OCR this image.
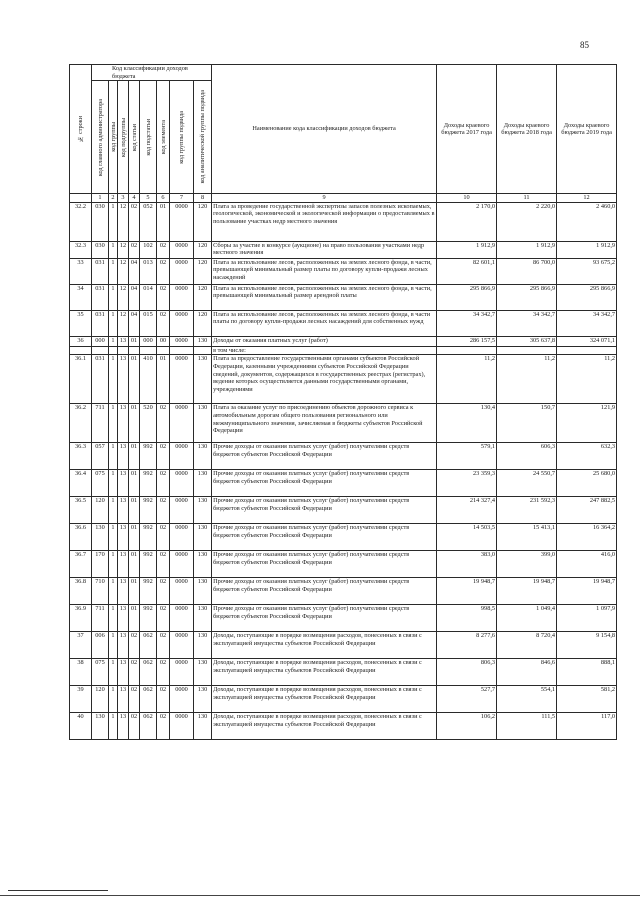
85
№ строки	Код классификации доходов бюджета								Наименование кода классификации доходов бюджета	Доходы краевого бюджета 2017 года	Доходы краевого бюджета 2018 года	Доходы краевого бюджета 2019 года

	код главного администратора	код группы	код подгруппы	код статьи	код подстатьи	код элемента	код группы подвида	код аналитической группы подвида				

	1	2	3	4	5	6	7	8	9	10	11	12
32.2	030	1	12	02	052	01	0000	120	Плата за проведение государственной экспертизы запасов полезных ископаемых, геологической, экономической и экологической информации о предоставляемых в пользование участках недр местного значения	2 170,0	2 220,0	2 460,0
32.3	030	1	12	02	102	02	0000	120	Сборы за участие в конкурсе (аукционе) на право пользования участками недр местного значения	1 912,9	1 912,9	1 912,9
33	031	1	12	04	013	02	0000	120	Плата за использование лесов, расположенных на землях лесного фонда, в части, превышающей минимальный размер платы по договору купли-продажи лесных насаждений	82 601,1	86 700,0	93 675,2
34	031	1	12	04	014	02	0000	120	Плата за использование лесов, расположенных на землях лесного фонда, в части, превышающей минимальный размер арендной платы	295 866,9	295 866,9	295 866,9
35	031	1	12	04	015	02	0000	120	Плата за использование лесов, расположенных на землях лесного фонда, в части платы по договору купли-продажи лесных насаждений для собственных нужд	34 342,7	34 342,7	34 342,7
36	000	1	13	01	000	00	0000	130	Доходы от оказания платных услуг (работ)	286 157,5	305 637,8	324 071,1
									в том числе:			
36.1	031	1	13	01	410	01	0000	130	Плата за предоставление государственными органами субъектов Российской Федерации, казенными учреждениями субъектов Российской Федерации сведений, документов, содержащихся в государственных реестрах (регистрах), ведение которых осуществляется данными государственными органами, учреждениями	11,2	11,2	11,2
36.2	711	1	13	01	520	02	0000	130	Плата за оказание услуг по присоединению объектов дорожного сервиса к автомобильным дорогам общего пользования регионального или межмуниципального значения, зачисляемая в бюджеты субъектов Российской Федерации	130,4	150,7	121,9
36.3	057	1	13	01	992	02	0000	130	Прочие доходы от оказания платных услуг (работ) получателями средств бюджетов субъектов Российской Федерации	579,1	606,3	632,3
36.4	075	1	13	01	992	02	0000	130	Прочие доходы от оказания платных услуг (работ) получателями средств бюджетов субъектов Российской Федерации	23 359,3	24 550,7	25 680,0
36.5	120	1	13	01	992	02	0000	130	Прочие доходы от оказания платных услуг (работ) получателями средств бюджетов субъектов Российской Федерации	214 327,4	231 592,3	247 882,5
36.6	130	1	13	01	992	02	0000	130	Прочие доходы от оказания платных услуг (работ) получателями средств бюджетов субъектов Российской Федерации	14 503,5	15 413,1	16 364,2
36.7	170	1	13	01	992	02	0000	130	Прочие доходы от оказания платных услуг (работ) получателями средств бюджетов субъектов Российской Федерации	383,0	399,0	416,0
36.8	710	1	13	01	992	02	0000	130	Прочие доходы от оказания платных услуг (работ) получателями средств бюджетов субъектов Российской Федерации	19 948,7	19 948,7	19 948,7
36.9	711	1	13	01	992	02	0000	130	Прочие доходы от оказания платных услуг (работ) получателями средств бюджетов субъектов Российской Федерации	998,5	1 049,4	1 097,9
37	006	1	13	02	062	02	0000	130	Доходы, поступающие в порядке возмещения расходов, понесенных в связи с эксплуатацией имущества субъектов Российской Федерации	8 277,6	8 720,4	9 154,8
38	075	1	13	02	062	02	0000	130	Доходы, поступающие в порядке возмещения расходов, понесенных в связи с эксплуатацией имущества субъектов Российской Федерации	806,3	846,6	888,1
39	120	1	13	02	062	02	0000	130	Доходы, поступающие в порядке возмещения расходов, понесенных в связи с эксплуатацией имущества субъектов Российской Федерации	527,7	554,1	581,2
40	130	1	13	02	062	02	0000	130	Доходы, поступающие в порядке возмещения расходов, понесенных в связи с эксплуатацией имущества субъектов Российской Федерации	106,2	111,5	117,0
